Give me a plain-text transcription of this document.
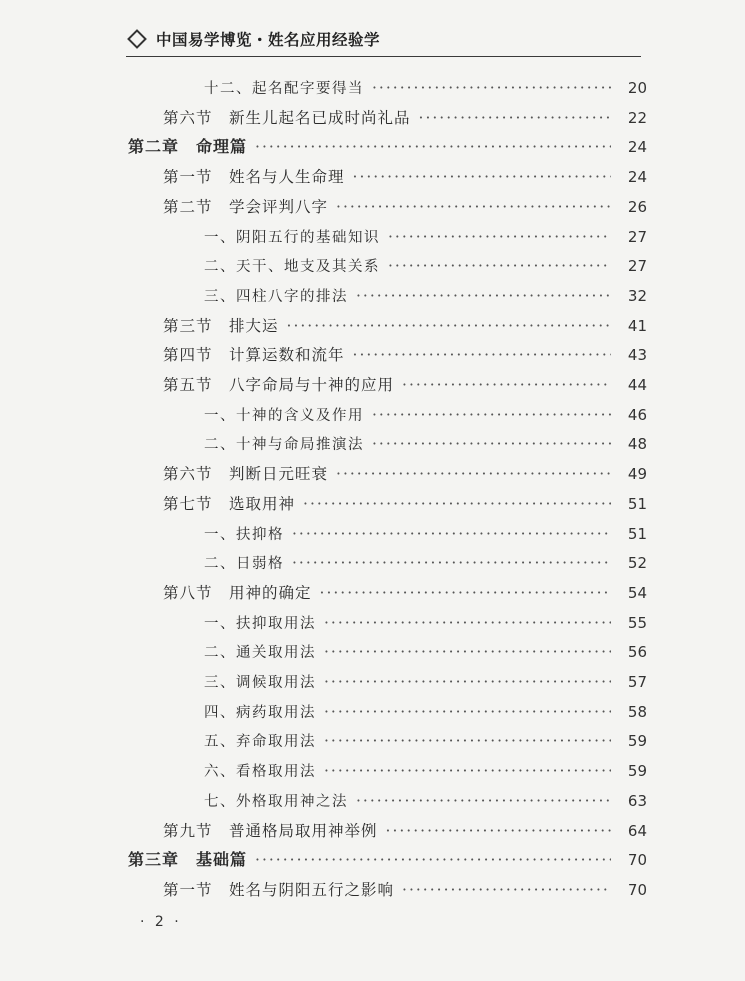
中国易学博览・姓名应用经验学
十二、起名配字要得当 ·····	20
第六节　新生儿起名已成时尚礼品 ·····	22
第二章　命理篇 ·····	24
第一节　姓名与人生命理 ·····	24
第二节　学会评判八字 ·····	26
一、阴阳五行的基础知识 ·····	27
二、天干、地支及其关系 ·····	27
三、四柱八字的排法 ·····	32
第三节　排大运 ·····	41
第四节　计算运数和流年 ·····	43
第五节　八字命局与十神的应用 ·····	44
一、十神的含义及作用 ·····	46
二、十神与命局推演法 ·····	48
第六节　判断日元旺衰 ·····	49
第七节　选取用神 ·····	51
一、扶抑格 ·····	51
二、日弱格 ·····	52
第八节　用神的确定 ·····	54
一、扶抑取用法 ·····	55
二、通关取用法 ·····	56
三、调候取用法 ·····	57
四、病药取用法 ·····	58
五、弃命取用法 ·····	59
六、看格取用法 ·····	59
七、外格取用神之法 ·····	63
第九节　普通格局取用神举例 ·····	64
第三章　基础篇 ·····	70
第一节　姓名与阴阳五行之影响 ·····	70
· 2 ·
